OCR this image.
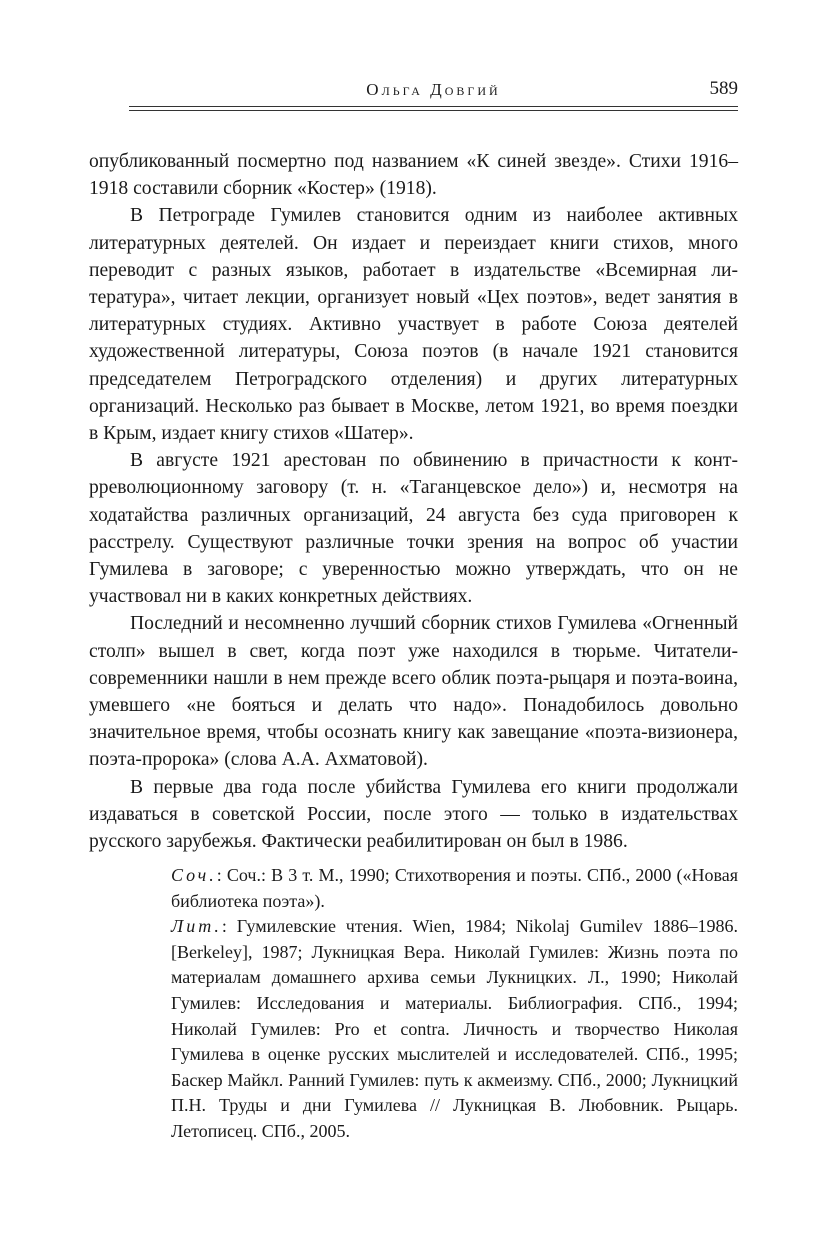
Ольга Довгий	589

опубликованный посмертно под названием «К синей звезде». Стихи 1916–1918 составили сборник «Костер» (1918).

В Петрограде Гумилев становится одним из наиболее активных литературных деятелей. Он издает и переиздает книги стихов, много переводит с разных языков, работает в издательстве «Всемирная литература», читает лекции, организует новый «Цех поэтов», ведет занятия в литературных студиях. Активно участвует в работе Союза деятелей художественной литературы, Союза поэтов (в начале 1921 становится председателем Петроградского отделения) и других литературных организаций. Несколько раз бывает в Москве, летом 1921, во время поездки в Крым, издает книгу стихов «Шатер».

В августе 1921 арестован по обвинению в причастности к контрреволюционному заговору (т. н. «Таганцевское дело») и, несмотря на ходатайства различных организаций, 24 августа без суда приговорен к расстрелу. Существуют различные точки зрения на вопрос об участии Гумилева в заговоре; с уверенностью можно утверждать, что он не участвовал ни в каких конкретных действиях.

Последний и несомненно лучший сборник стихов Гумилева «Огненный столп» вышел в свет, когда поэт уже находился в тюрьме. Читатели-современники нашли в нем прежде всего облик поэта-рыцаря и поэта-воина, умевшего «не бояться и делать что надо». Понадобилось довольно значительное время, чтобы осознать книгу как завещание «поэта-визионера, поэта-пророка» (слова А.А. Ахматовой).

В первые два года после убийства Гумилева его книги продолжали издаваться в советской России, после этого — только в издательствах русского зарубежья. Фактически реабилитирован он был в 1986.

Соч.: Соч.: В 3 т. М., 1990; Стихотворения и поэты. СПб., 2000 («Новая библиотека поэта»).

Лит.: Гумилевские чтения. Wien, 1984; Nikolaj Gumilev 1886–1986. [Berkeley], 1987; Лукницкая Вера. Николай Гумилев: Жизнь поэта по материалам домашнего архива семьи Лукницких. Л., 1990; Николай Гумилев: Исследования и материалы. Библиография. СПб., 1994; Николай Гумилев: Pro et contra. Личность и творчество Николая Гумилева в оценке русских мыслителей и исследователей. СПб., 1995; Баскер Майкл. Ранний Гумилев: путь к акмеизму. СПб., 2000; Лукницкий П.Н. Труды и дни Гумилева // Лукницкая В. Любовник. Рыцарь. Летописец. СПб., 2005.
